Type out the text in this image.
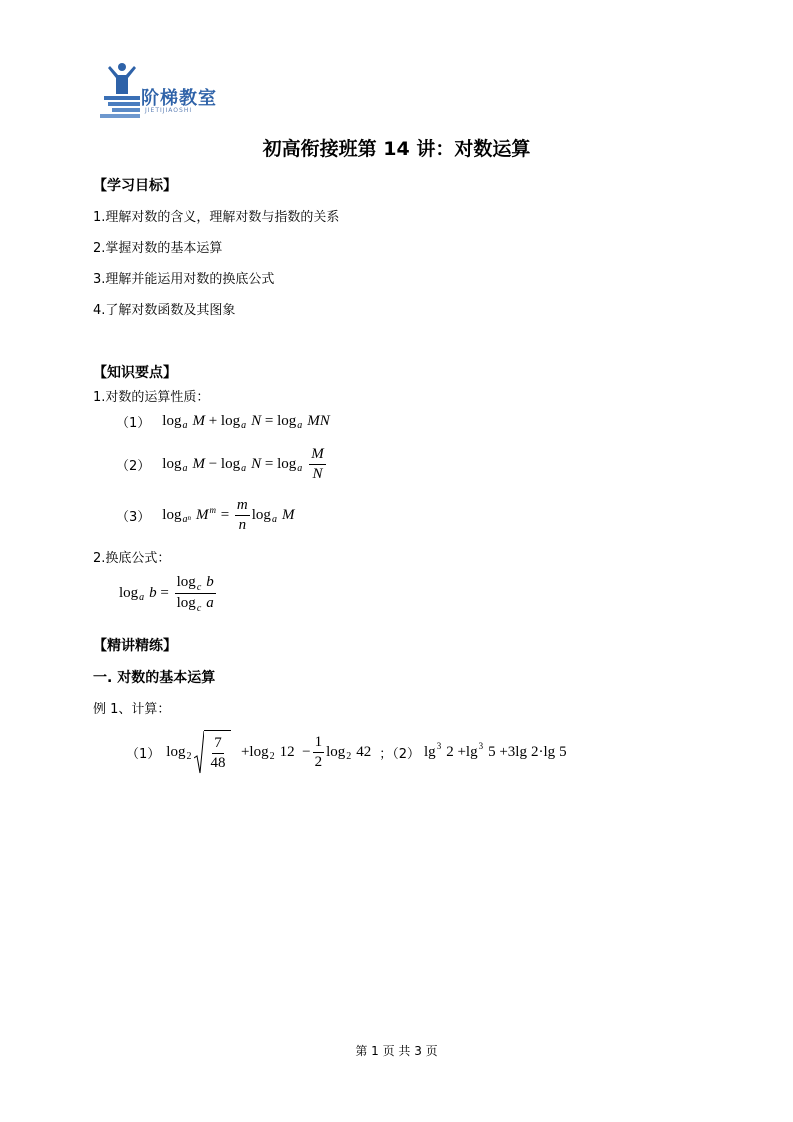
阶梯教室
JIETIJIAOSHI
初高衔接班第 14 讲：对数运算
【学习目标】
1.理解对数的含义，理解对数与指数的关系
2.掌握对数的基本运算
3.理解并能运用对数的换底公式
4.了解对数函数及其图象
【知识要点】
1.对数的运算性质：
（1） log a M + log a N = log a MN
（2） log a M − log a N = log a $\frac{M}{N}$
（3） log a n M $m = \frac{m}{n}$ log a M
2.换底公式：
log a $b = \frac{\log_c b}{\log_c a}$
【精讲精练】
一. 对数的基本运算
例 1、计算：
（1） $\log 2 \frac{7}{48} + \log 2$ $12 - \frac{1}{2}$ log 2 42 ；（2） lg 3 2 + lg 3 5 + 3 lg 2 · lg 5
第 1 页 共 3 页
